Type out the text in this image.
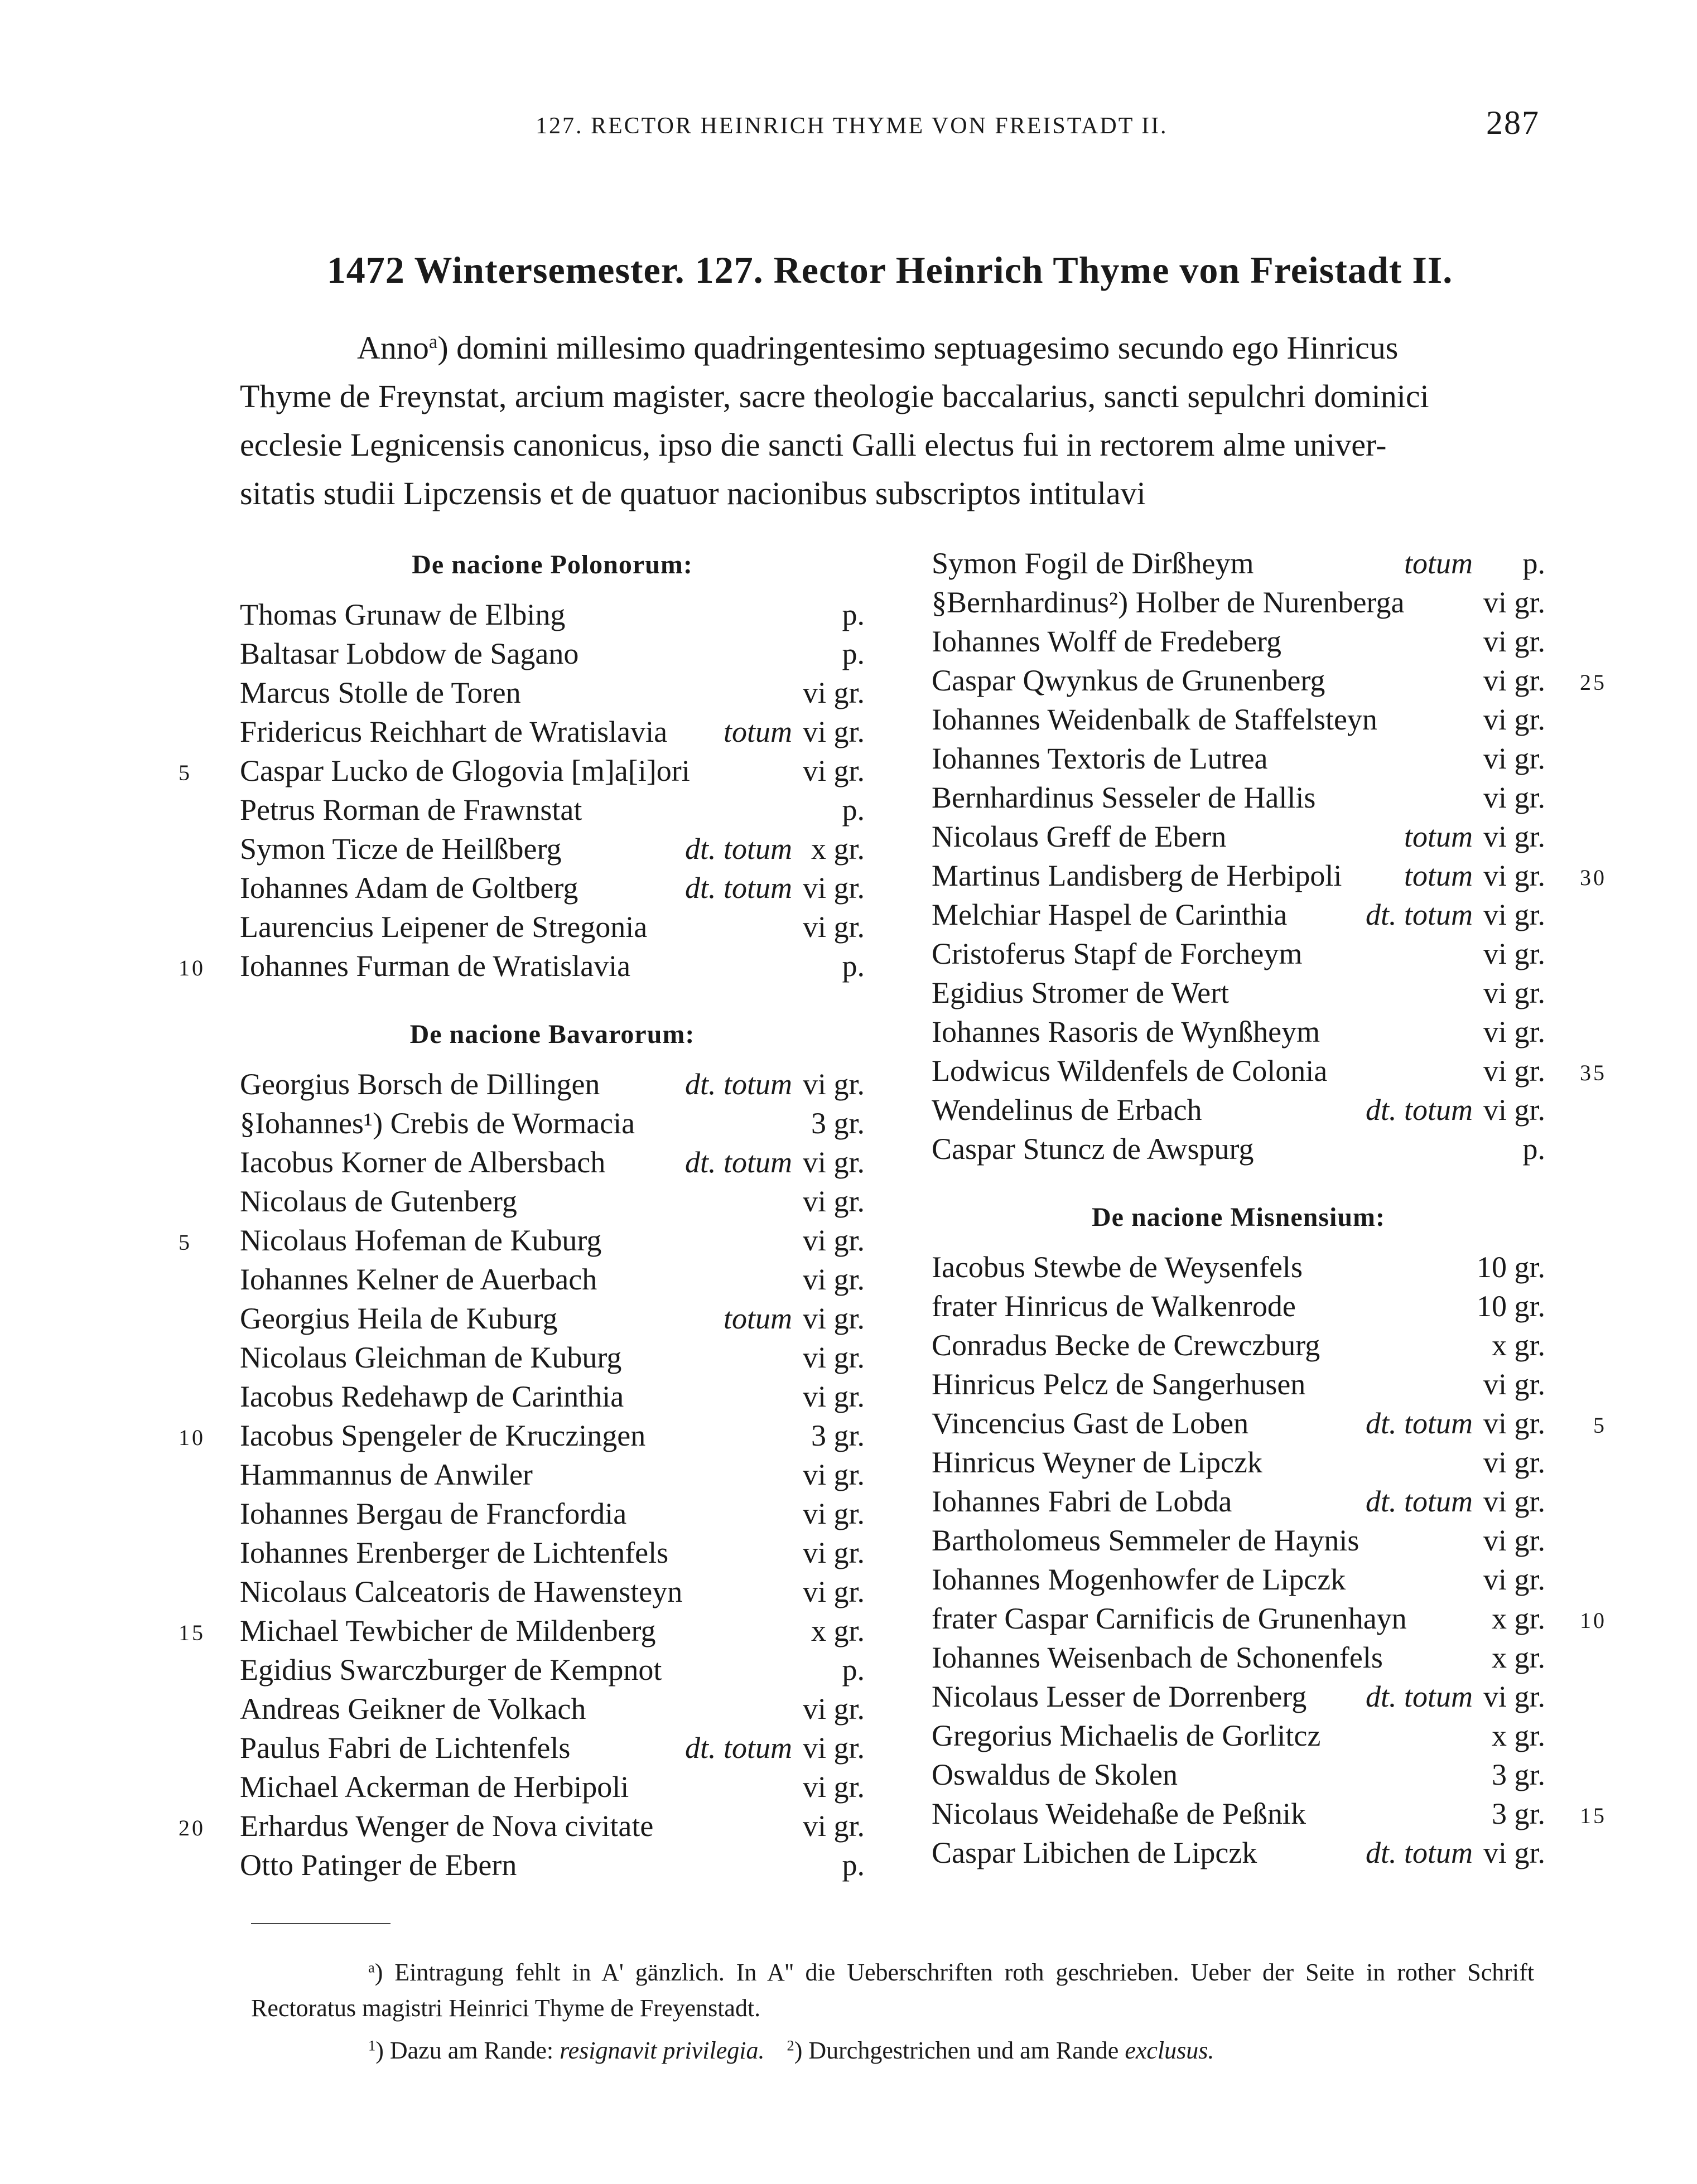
127. RECTOR HEINRICH THYME VON FREISTADT II.	287
1472 Wintersemester. 127. Rector Heinrich Thyme von Freistadt II.
Anno$^a$) domini millesimo quadringentesimo septuagesimo secundo ego Hinricus
Thyme de Freynstat, arcium magister, sacre theologie baccalarius, sancti sepulchri dominici
ecclesie Legnicensis canonicus, ipso die sancti Galli electus fui in rectorem alme univer-
sitatis studii Lipczensis et de quatuor nacionibus subscriptos intitulavi
De nacione Polonorum:
Thomas Grunaw de Elbing	p.
Baltasar Lobdow de Sagano	p.
Marcus Stolle de Toren	vi gr.
Fridericus Reichhart de Wratislavia totum vi gr.
Caspar Lucko de Glogovia [m]a[i]ori	vi gr.
5
Petrus Rorman de Frawnstat	p.
Symon Ticze de Heilßberg	dt. totum x gr.
Iohannes Adam de Goltberg	dt. totum vi gr.
Laurencius Leipener de Stregonia	vi gr.
Iohannes Furman de Wratislavia	p.
10
De nacione Bavarorum:
Georgius Borsch de Dillingen	dt. totum vi gr.
§Iohannes¹) Crebis de Wormacia	3 gr.
Iacobus Korner de Albersbach	dt. totum vi gr.
Nicolaus de Gutenberg	vi gr.
Nicolaus Hofeman de Kuburg	vi gr.
5
Iohannes Kelner de Auerbach	vi gr.
Georgius Heila de Kuburg	totum vi gr.
Nicolaus Gleichman de Kuburg	vi gr.
Iacobus Redehawp de Carinthia	vi gr.
Iacobus Spengeler de Kruczingen	3 gr.
10
Hammannus de Anwiler	vi gr.
Iohannes Bergau de Francfordia	vi gr.
Iohannes Erenberger de Lichtenfels	vi gr.
Nicolaus Calceatoris de Hawensteyn	vi gr.
Michael Tewbicher de Mildenberg	x gr.
15
Egidius Swarczburger de Kempnot	p.
Andreas Geikner de Volkach	vi gr.
Paulus Fabri de Lichtenfels	dt. totum vi gr.
Michael Ackerman de Herbipoli	vi gr.
Erhardus Wenger de Nova civitate	vi gr.
20
Otto Patinger de Ebern	p.
Symon Fogil de Dirßheym	totum p.
§Bernhardinus²) Holber de Nurenberga	vi gr.
Iohannes Wolff de Fredeberg	vi gr.
Caspar Qwynkus de Grunenberg	vi gr. 25
Iohannes Weidenbalk de Staffelsteyn	vi gr.
Iohannes Textoris de Lutrea	vi gr.
Bernhardinus Sesseler de Hallis	vi gr.
Nicolaus Greff de Ebern	totum vi gr.
Martinus Landisberg de Herbipoli totum vi gr. 30
Melchiar Haspel de Carinthia	dt. totum vi gr.
Cristoferus Stapf de Forcheym	vi gr.
Egidius Stromer de Wert	vi gr.
Iohannes Rasoris de Wynßheym	vi gr.
Lodwicus Wildenfels de Colonia	vi gr. 35
Wendelinus de Erbach	dt. totum vi gr.
Caspar Stuncz de Awspurg	p.
De nacione Misnensium:
Iacobus Stewbe de Weysenfels	10 gr.
frater Hinricus de Walkenrode	10 gr.
Conradus Becke de Crewczburg	x gr.
Hinricus Pelcz de Sangerhusen	vi gr.
Vincencius Gast de Loben	dt. totum vi gr. 5
Hinricus Weyner de Lipczk	vi gr.
Iohannes Fabri de Lobda	dt. totum vi gr.
Bartholomeus Semmeler de Haynis	vi gr.
Iohannes Mogenhowfer de Lipczk	vi gr.
frater Caspar Carnificis de Grunenhayn	x gr. 10
Iohannes Weisenbach de Schonenfels	x gr.
Nicolaus Lesser de Dorrenberg dt. totum vi gr.
Gregorius Michaelis de Gorlitcz	x gr.
Oswaldus de Skolen	3 gr.
Nicolaus Weidehaße de Peßnik	3 gr. 15
Caspar Libichen de Lipczk	dt. totum vi gr.
$^a$) Eintragung fehlt in A' gänzlich. In A'' die Ueberschriften roth geschrieben. Ueber der Seite in rother Schrift Rectoratus magistri Heinrici Thyme de Freyenstadt.
$^1$) Dazu am Rande: resignavit privilegia. $^2$) Durchgestrichen und am Rande exclusus.
